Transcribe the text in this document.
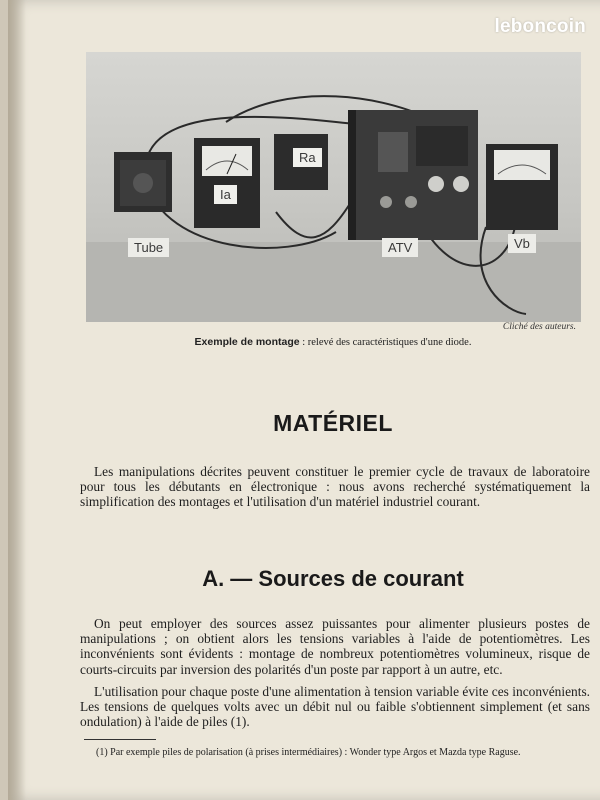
Tube
Ia
Ra
ATV	Vb
Cliché des auteurs.
Exemple de montage : relevé des caractéristiques d'une diode.
MATÉRIEL
Les manipulations décrites peuvent constituer le premier cycle de travaux de laboratoire pour tous les débutants en électronique : nous avons recherché systématiquement la simplification des montages et l'utilisation d'un matériel industriel courant.
A. — Sources de courant
On peut employer des sources assez puissantes pour alimenter plusieurs postes de manipulations ; on obtient alors les tensions variables à l'aide de potentiomètres. Les inconvénients sont évidents : montage de nombreux potentiomètres volumineux, risque de courts-circuits par inversion des polarités d'un poste par rapport à un autre, etc.
L'utilisation pour chaque poste d'une alimentation à tension variable évite ces inconvénients. Les tensions de quelques volts avec un débit nul ou faible s'obtiennent simplement (et sans ondulation) à l'aide de piles (1).
(1) Par exemple piles de polarisation (à prises intermédiaires) : Wonder type Argos et Mazda type Raguse.
leboncoin
